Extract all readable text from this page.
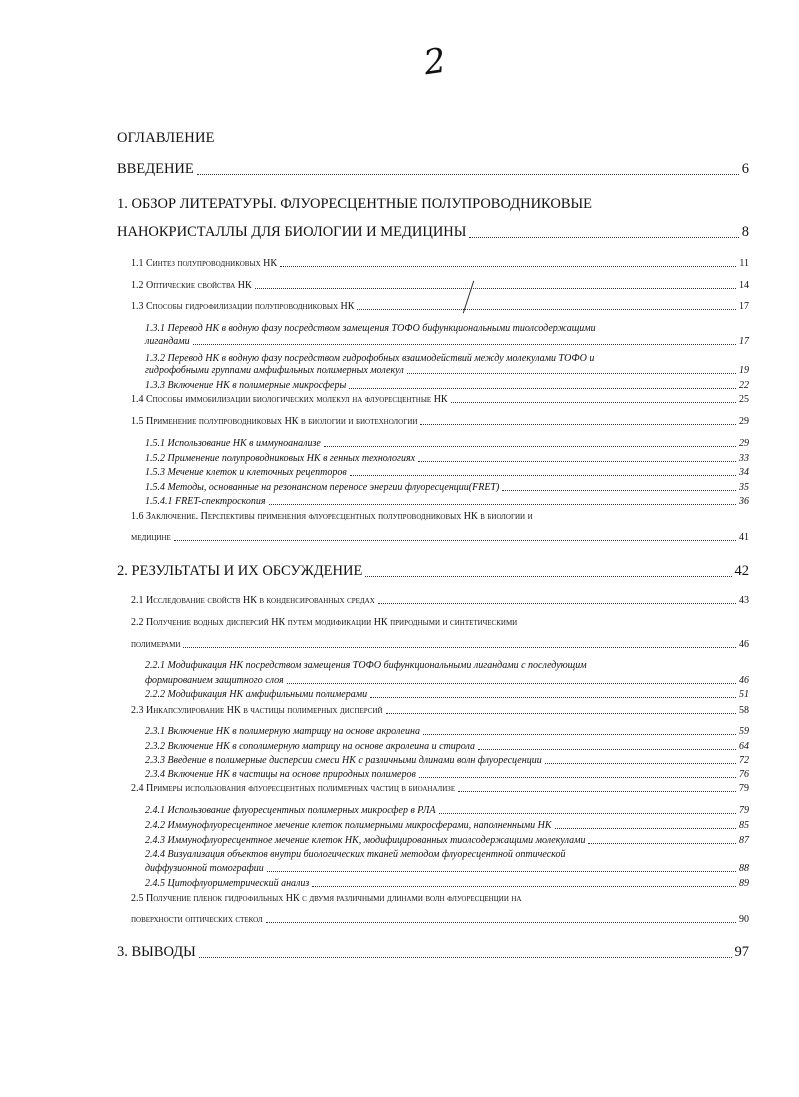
2
ОГЛАВЛЕНИЕ
ВВЕДЕНИЕ	6
1. ОБЗОР ЛИТЕРАТУРЫ. ФЛУОРЕСЦЕНТНЫЕ ПОЛУПРОВОДНИКОВЫЕ
НАНОКРИСТАЛЛЫ ДЛЯ БИОЛОГИИ И МЕДИЦИНЫ	8
1.1 Синтез полупроводниковых НК	11
1.2 Оптические свойства НК	14
1.3 Способы гидрофилизации полупроводниковых НК	17
1.3.1 Перевод НК в водную фазу посредством замещения ТОФО бифункциональными тиолсодержащими
лигандами	17
1.3.2 Перевод НК в водную фазу посредством гидрофобных взаимодействий между молекулами ТОФО и
гидрофобными группами амфифильных полимерных молекул	19
1.3.3 Включение НК в полимерные микросферы	22
1.4 Способы иммобилизации биологических молекул на флуоресцентные НК	25
1.5 Применение полупроводниковых НК в биологии и биотехнологии	29
1.5.1 Использование НК в иммуноанализе	29
1.5.2 Применение полупроводниковых НК в генных технологиях	33
1.5.3 Мечение клеток и клеточных рецепторов	34
1.5.4 Методы, основанные на резонансном переносе энергии флуоресценции(FRET)	35
1.5.4.1 FRET-спектроскопия	36
1.6 Заключение. Перспективы применения флуоресцентных полупроводниковых НК в биологии и
медицине	41
2. РЕЗУЛЬТАТЫ И ИХ ОБСУЖДЕНИЕ	42
2.1 Исследование свойств НК в конденсированных средах	43
2.2 Получение водных дисперсий НК путем модификации НК природными и синтетическими
полимерами	46
2.2.1 Модификация НК посредством замещения ТОФО бифункциональными лигандами с последующим
формированием защитного слоя	46
2.2.2 Модификация НК амфифильными полимерами	51
2.3 Инкапсулирование НК в частицы полимерных дисперсий	58
2.3.1 Включение НК в полимерную матрицу на основе акролеина	59
2.3.2 Включение НК в сополимерную матрицу на основе акролеина и стирола	64
2.3.3 Введение в полимерные дисперсии смеси НК с различными длинами волн флуоресценции	72
2.3.4 Включение НК в частицы на основе природных полимеров	76
2.4 Примеры использования флуоресцентных полимерных частиц в биоанализе	79
2.4.1 Использование флуоресцентных полимерных микросфер в РЛА	79
2.4.2 Иммунофлуоресцентное мечение клеток полимерными микросферами, наполненными НК	85
2.4.3 Иммунофлуоресцентное мечение клеток НК, модифицированных тиолсодержащими молекулами	87
2.4.4 Визуализация объектов внутри биологических тканей методом флуоресцентной оптической
диффузионной томографии	88
2.4.5 Цитофлуориметрический анализ	89
2.5 Получение пленок гидрофильных НК с двумя различными длинами волн флуоресценции на
поверхности оптических стекол	90
3. ВЫВОДЫ	97
